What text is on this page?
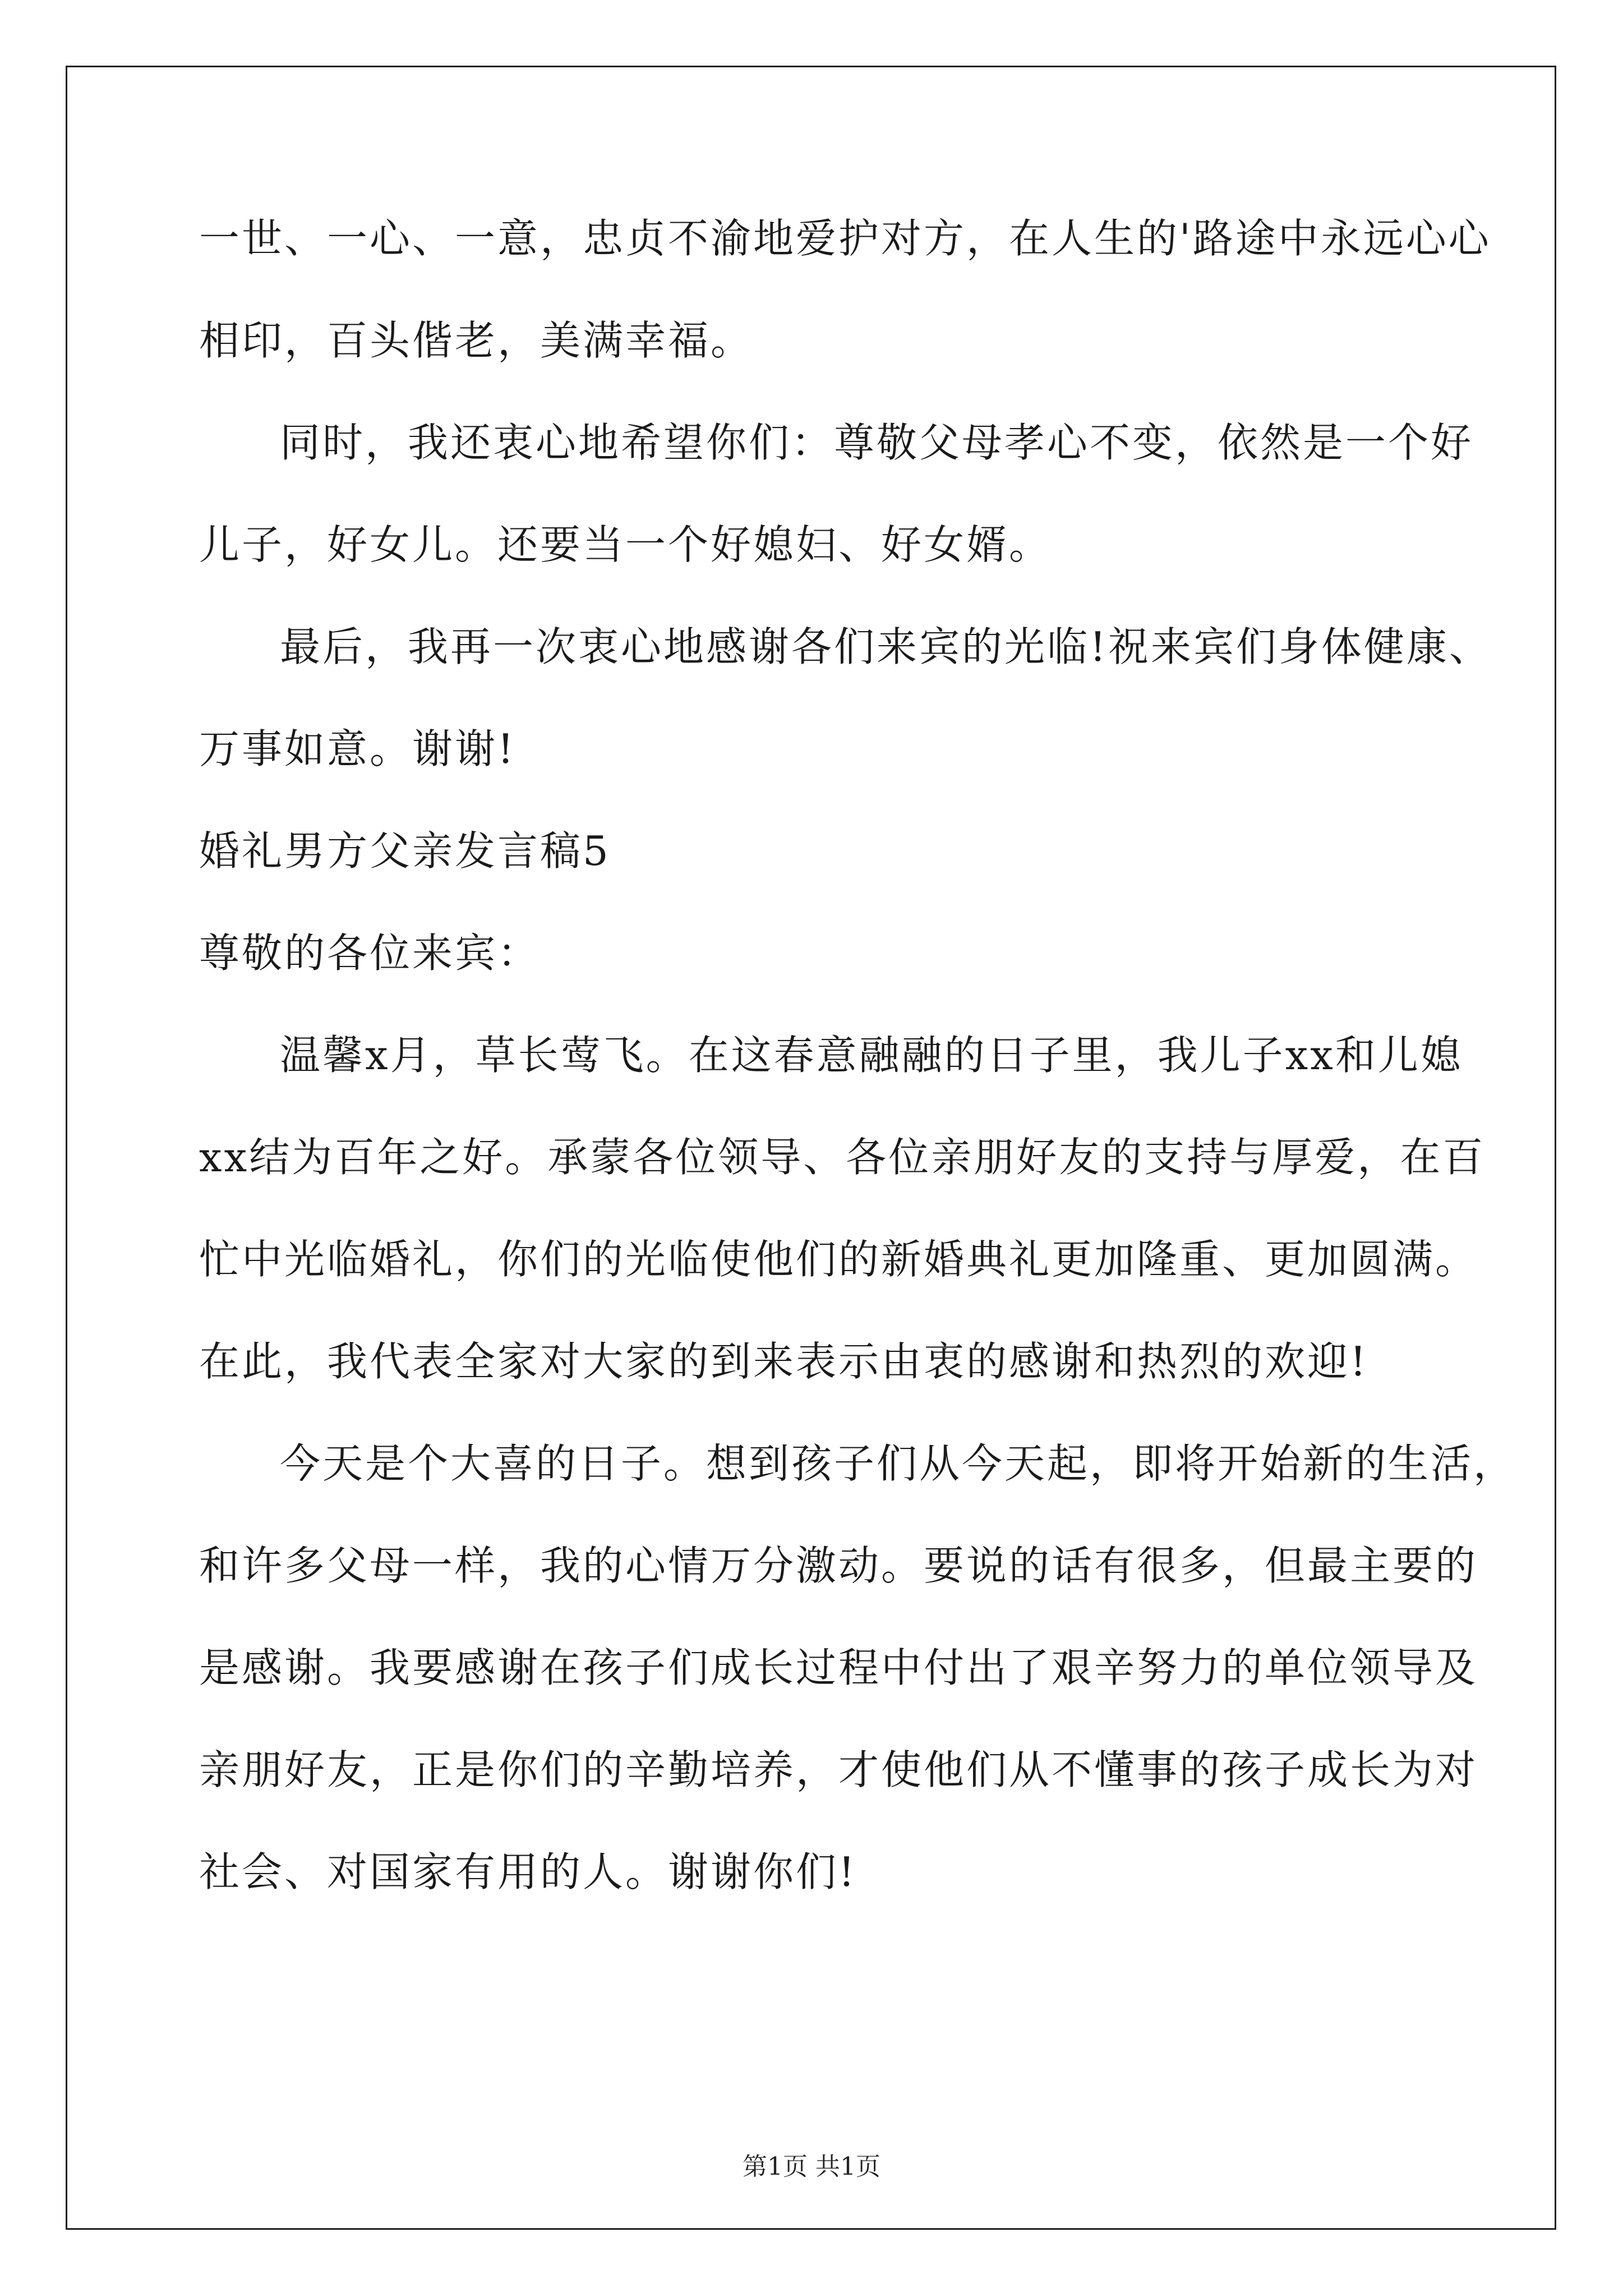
一世、一心、一意，忠贞不渝地爱护对方，在人生的'路途中永远心心
相印，百头偕老，美满幸福。
同时，我还衷心地希望你们：尊敬父母孝心不变，依然是一个好
儿子，好女儿。还要当一个好媳妇、好女婿。
最后，我再一次衷心地感谢各们来宾的光临!祝来宾们身体健康、
万事如意。谢谢!
婚礼男方父亲发言稿5
尊敬的各位来宾：
温馨x月，草长莺飞。在这春意融融的日子里，我儿子xx和儿媳
xx结为百年之好。承蒙各位领导、各位亲朋好友的支持与厚爱，在百
忙中光临婚礼，你们的光临使他们的新婚典礼更加隆重、更加圆满。
在此，我代表全家对大家的到来表示由衷的感谢和热烈的欢迎!
今天是个大喜的日子。想到孩子们从今天起，即将开始新的生活，
和许多父母一样，我的心情万分激动。要说的话有很多，但最主要的
是感谢。我要感谢在孩子们成长过程中付出了艰辛努力的单位领导及
亲朋好友，正是你们的辛勤培养，才使他们从不懂事的孩子成长为对
社会、对国家有用的人。谢谢你们!
第1页 共1页
